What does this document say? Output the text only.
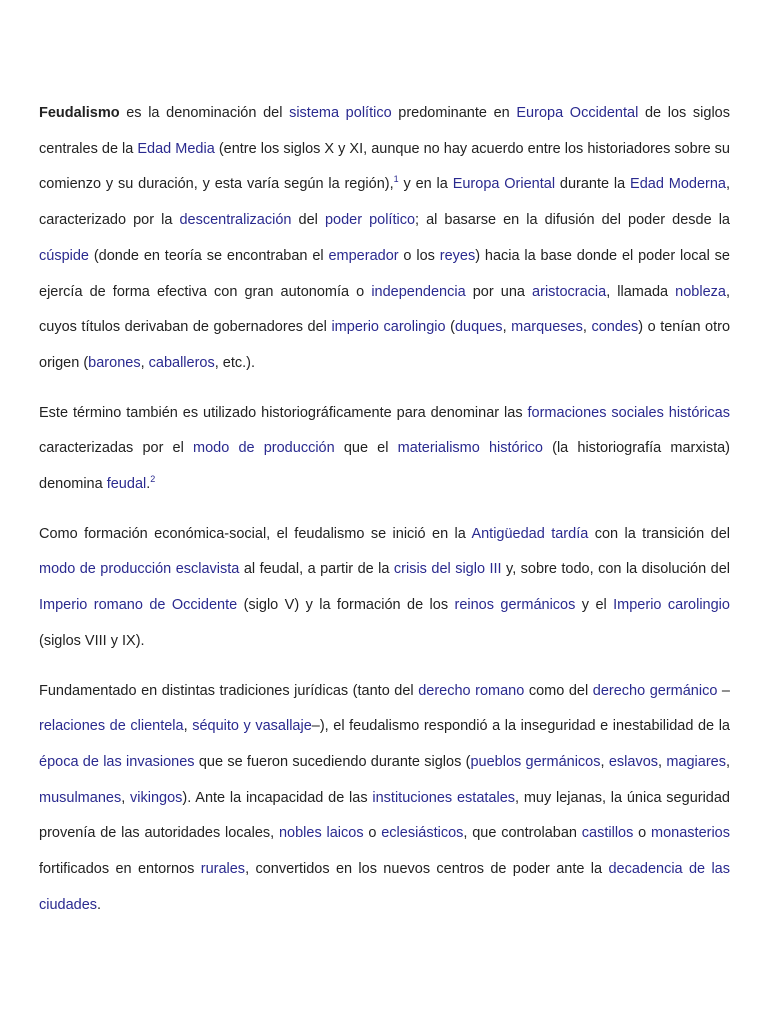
Feudalismo es la denominación del sistema político predominante en Europa Occidental de los siglos centrales de la Edad Media (entre los siglos X y XI, aunque no hay acuerdo entre los historiadores sobre su comienzo y su duración, y esta varía según la región),$^1$ y en la Europa Oriental durante la Edad Moderna, caracterizado por la descentralización del poder político; al basarse en la difusión del poder desde la cúspide (donde en teoría se encontraban el emperador o los reyes) hacia la base donde el poder local se ejercía de forma efectiva con gran autonomía o independencia por una aristocracia, llamada nobleza, cuyos títulos derivaban de gobernadores del imperio carolingio (duques, marqueses, condes) o tenían otro origen (barones, caballeros, etc.).

Este término también es utilizado historiográficamente para denominar las formaciones sociales históricas caracterizadas por el modo de producción que el materialismo histórico (la historiografía marxista) denomina feudal.$^2$

Como formación económica-social, el feudalismo se inició en la Antigüedad tardía con la transición del modo de producción esclavista al feudal, a partir de la crisis del siglo III y, sobre todo, con la disolución del Imperio romano de Occidente (siglo V) y la formación de los reinos germánicos y el Imperio carolingio (siglos VIII y IX).

Fundamentado en distintas tradiciones jurídicas (tanto del derecho romano como del derecho germánico –relaciones de clientela, séquito y vasallaje–), el feudalismo respondió a la inseguridad e inestabilidad de la época de las invasiones que se fueron sucediendo durante siglos (pueblos germánicos, eslavos, magiares, musulmanes, vikingos). Ante la incapacidad de las instituciones estatales, muy lejanas, la única seguridad provenía de las autoridades locales, nobles laicos o eclesiásticos, que controlaban castillos o monasterios fortificados en entornos rurales, convertidos en los nuevos centros de poder ante la decadencia de las ciudades.
